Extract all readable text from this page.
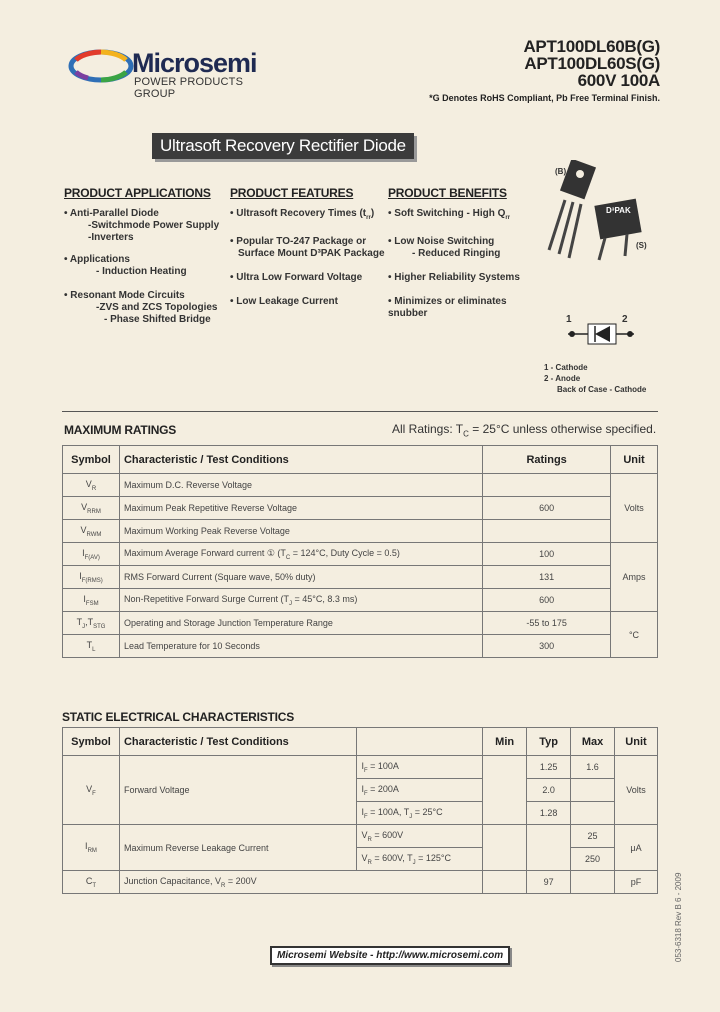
Microsemi
POWER PRODUCTS GROUP
APT100DL60B(G)
APT100DL60S(G)
600V 100A
*G Denotes RoHS Compliant, Pb Free Terminal Finish.
Ultrasoft Recovery Rectifier Diode
PRODUCT APPLICATIONS PRODUCT FEATURES	PRODUCT BENEFITS
• Anti-Parallel Diode
-Switchmode Power Supply
-Inverters
• Applications
- Induction Heating
• Resonant Mode Circuits
-ZVS and ZCS Topologies
- Phase Shifted Bridge
• Ultrasoft Recovery Times $(t_{rr})$
• Popular TO-247 Package or
Surface Mount D³PAK Package
• Ultra Low Forward Voltage
• Low Leakage Current
• Soft Switching - High $Q_{rr}$
• Low Noise Switching
- Reduced Ringing
• Higher Reliability Systems
• Minimizes or eliminates
snubber
(B)
D³PAK
(S)
1	2
1 - Cathode
2 - Anode
Back of Case - Cathode
MAXIMUM RATINGS	All Ratings: $T_C = 25^\circ C$ unless otherwise specified.
Symbol	Characteristic / Test Conditions	Ratings	Unit
$V_R$	Maximum D.C. Reverse Voltage		Volts
$V_{RRM}$	Maximum Peak Repetitive Reverse Voltage	600	
$V_{RWM}$	Maximum Working Peak Reverse Voltage		
$I_{F(AV)}$	Maximum Average Forward current ① ($T_C = 124^\circ C$, Duty Cycle = 0.5)	100	Amps
$I_{F(RMS)}$	RMS Forward Current (Square wave, 50% duty)	131	
$I_{FSM}$	Non-Repetitive Forward Surge Current ($T_J = 45^\circ C$, 8.3 ms)	600	
$T_J,T_{STG}$	Operating and Storage Junction Temperature Range	-55 to 175	°C
$T_L$	Lead Temperature for 10 Seconds	300	
STATIC ELECTRICAL CHARACTERISTICS
Symbol	Characteristic / Test Conditions		Min	Typ	Max	Unit
$V_F$	Forward Voltage	$I_F = 100A$		1.25	1.6	Volts
		$I_F = 200A$		2.0		
		$I_F = 100A$, $T_J = 25^\circ C$		1.28		
$I_{RM}$	Maximum Reverse Leakage Current	$V_R = 600V$			25	μA
		$V_R = 600V$, $T_J = 125^\circ C$			250	
$C_T$	Junction Capacitance, $V_R = 200V$			97		pF
Microsemi Website - http://www.microsemi.com	053-6318 Rev B 6 - 2009
